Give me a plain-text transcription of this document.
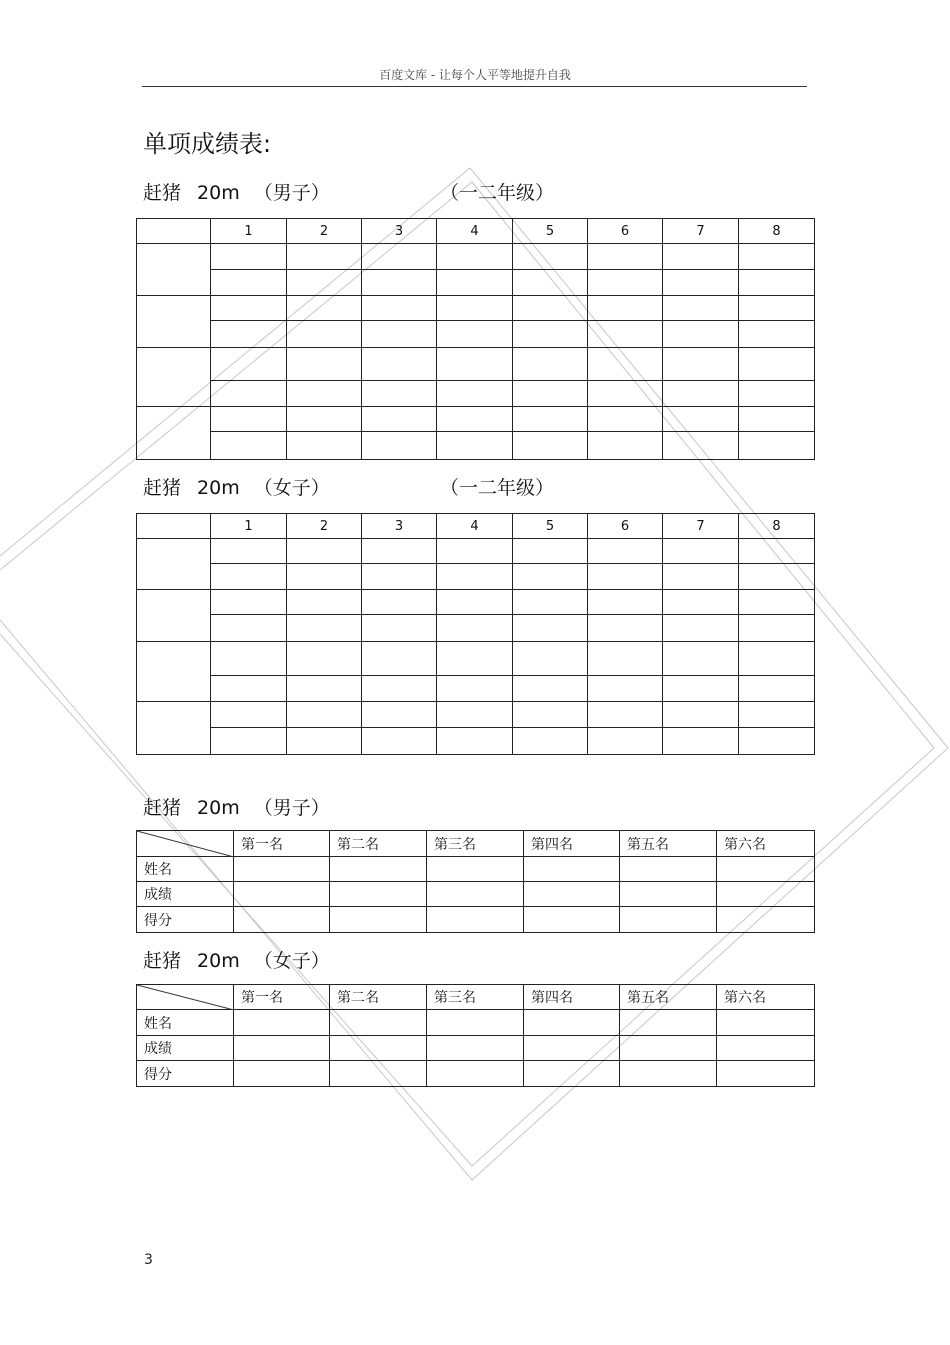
百度文库 - 让每个人平等地提升自我
单项成绩表:
赶猪 20m （男子）	（一二年级）
	1	2	3	4	5	6	7	8

赶猪 20m （女子）	（一二年级）
	1	2	3	4	5	6	7	8

赶猪 20m （男子）
	第一名	第二名	第三名	第四名	第五名	第六名
姓名						
成绩						
得分						
赶猪 20m （女子）
	第一名	第二名	第三名	第四名	第五名	第六名
姓名						
成绩						
得分						
3
